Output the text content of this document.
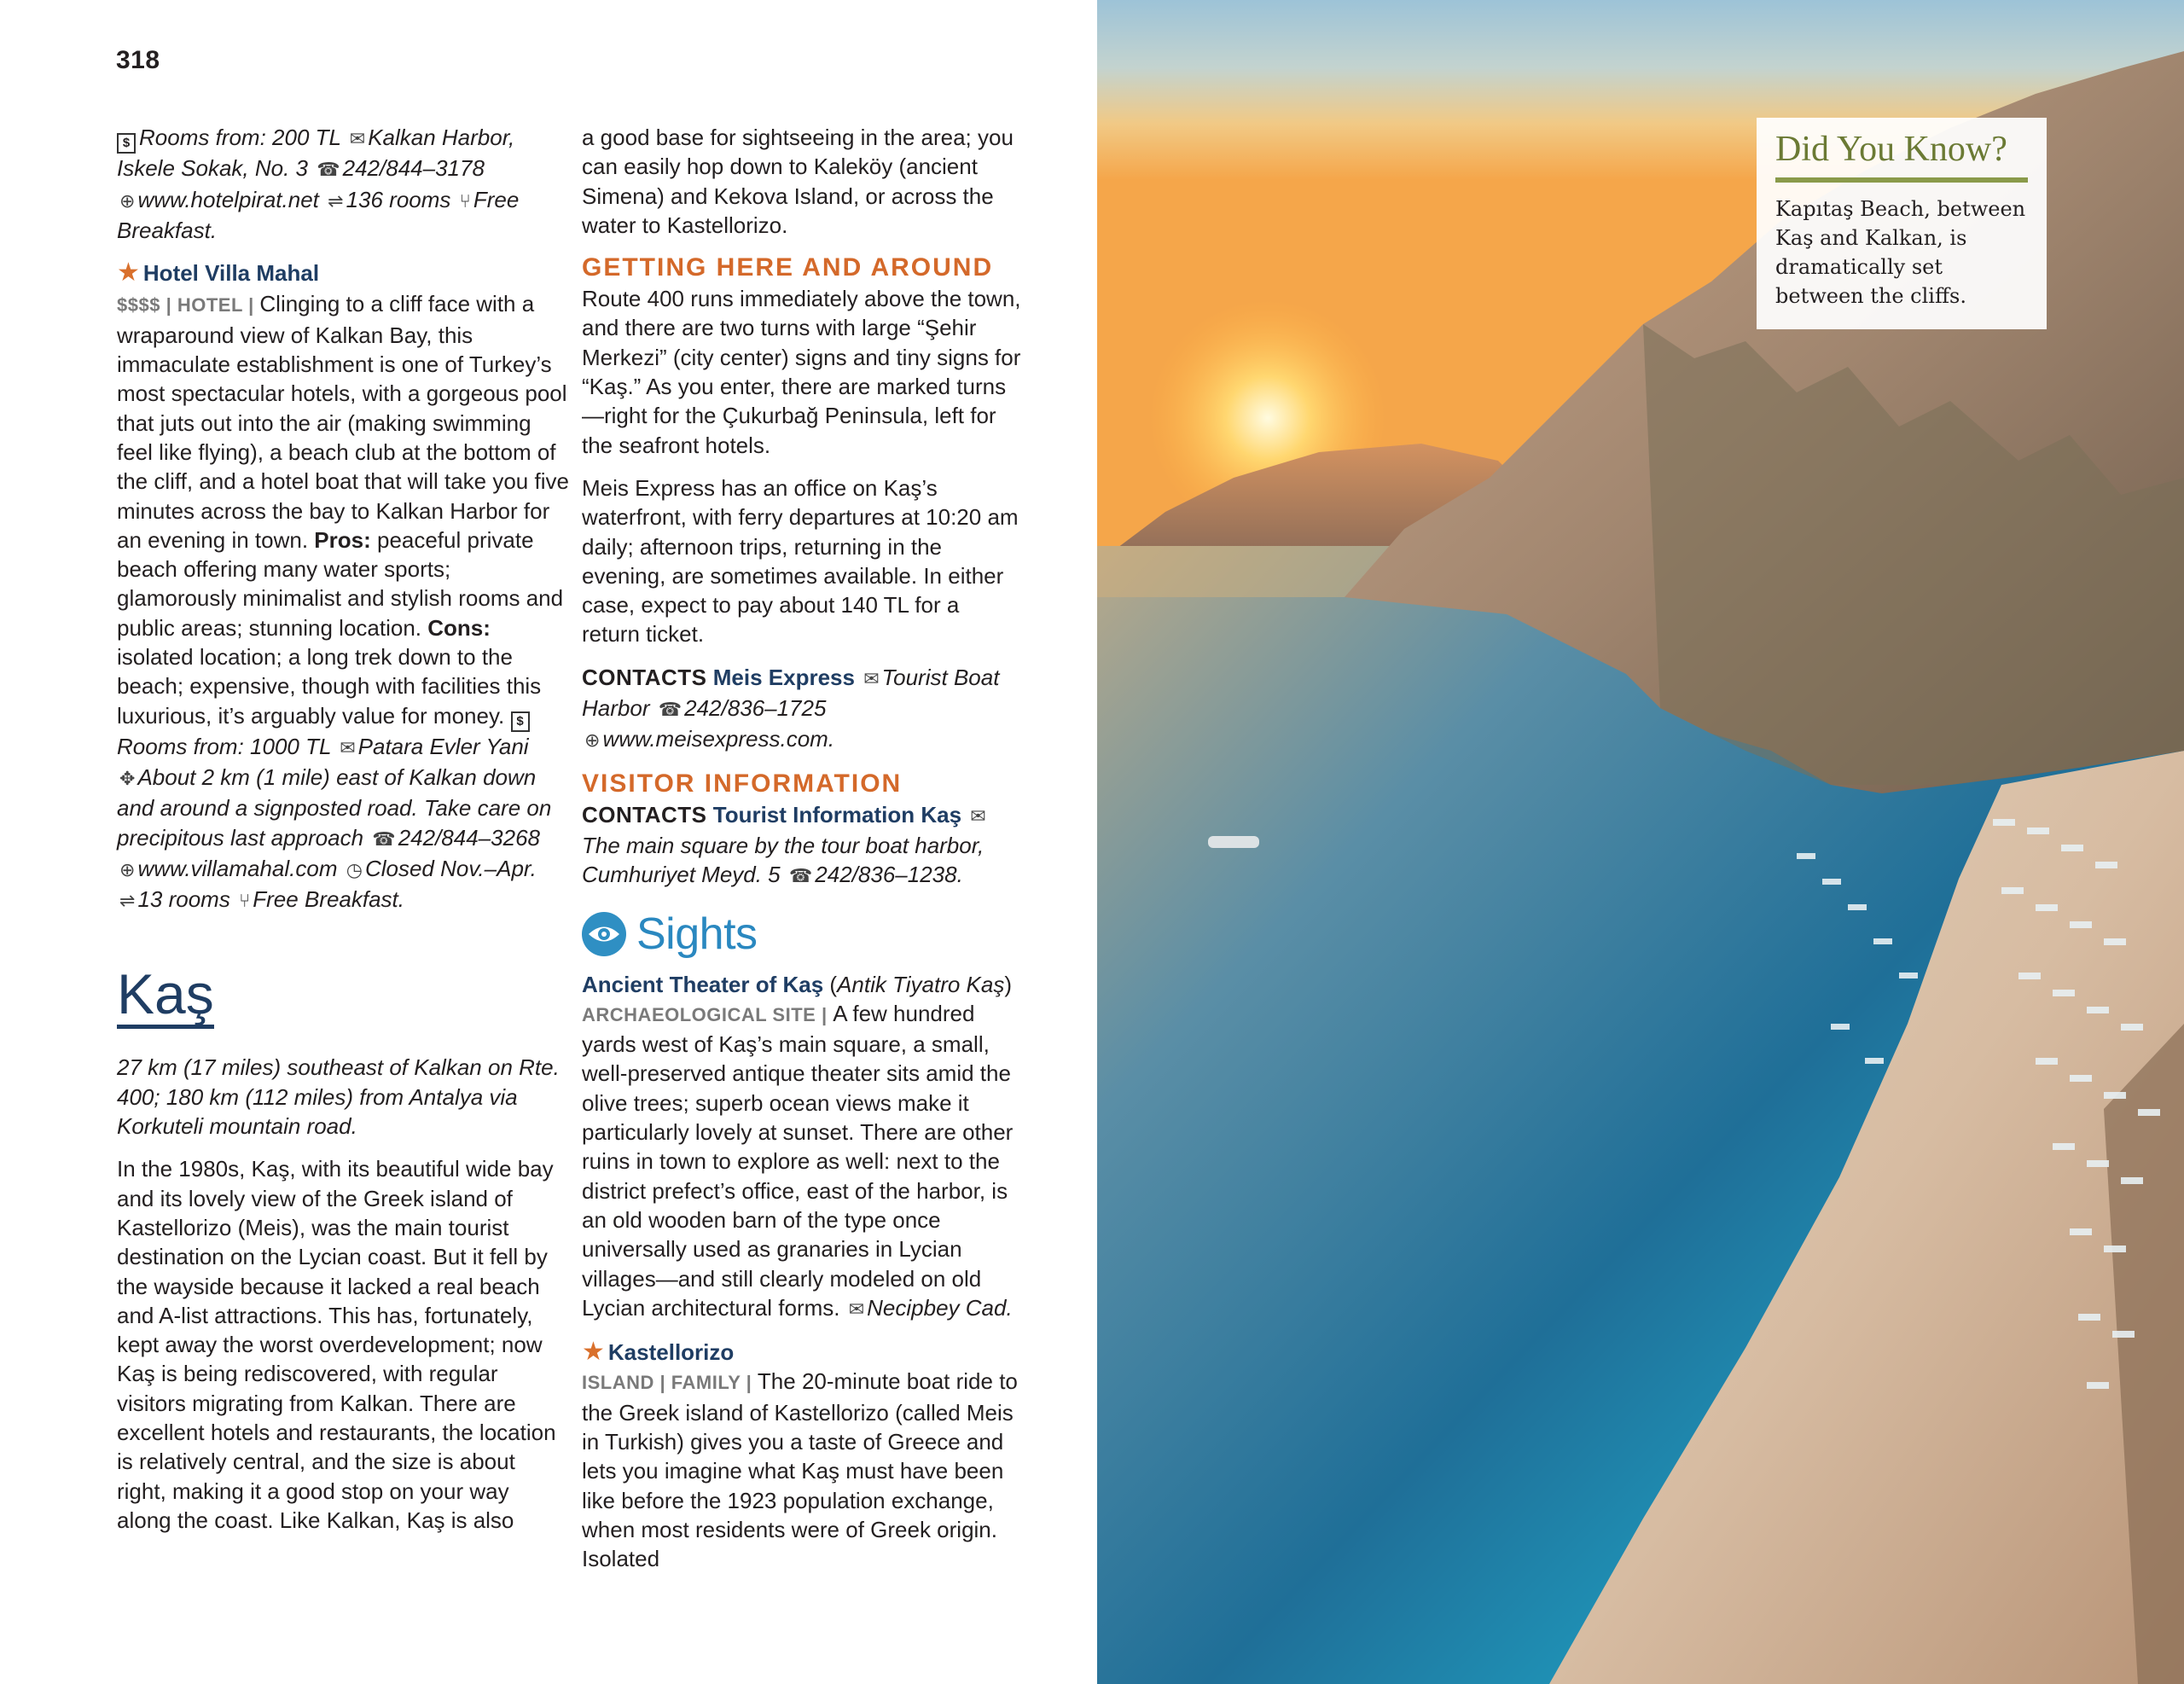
318

$ Rooms from: 200 TL ✉ Kalkan Harbor, Iskele Sokak, No. 3 ☎ 242/844–3178 ⊕ www.hotelpirat.net ⇌ 136 rooms ⑂ Free Breakfast.

★ Hotel Villa Mahal
$$$$ | HOTEL | Clinging to a cliff face with a wraparound view of Kalkan Bay, this immaculate establishment is one of Turkey’s most spectacular hotels, with a gorgeous pool that juts out into the air (making swimming feel like flying), a beach club at the bottom of the cliff, and a hotel boat that will take you five minutes across the bay to Kalkan Harbor for an evening in town. Pros: peaceful private beach offering many water sports; glamorously minimalist and stylish rooms and public areas; stunning location. Cons: isolated location; a long trek down to the beach; expensive, though with facilities this luxurious, it’s arguably value for money. $Rooms from: 1000 TL ✉ Patara Evler Yani ✥ About 2 km (1 mile) east of Kalkan down and around a signposted road. Take care on precipitous last approach ☎ 242/844–3268 ⊕ www.villamahal.com ◷ Closed Nov.–Apr. ⇌ 13 rooms ⑂ Free Breakfast.
Kaş

27 km (17 miles) southeast of Kalkan on Rte. 400; 180 km (112 miles) from Antalya via Korkuteli mountain road.

In the 1980s, Kaş, with its beautiful wide bay and its lovely view of the Greek island of Kastellorizo (Meis), was the main tourist destination on the Lycian coast. But it fell by the wayside because it lacked a real beach and A-list attractions. This has, fortunately, kept away the worst overdevelopment; now Kaş is being rediscovered, with regular visitors migrating from Kalkan. There are excellent hotels and restaurants, the location is relatively central, and the size is about right, making it a good stop on your way along the coast. Like Kalkan, Kaş is also

a good base for sightseeing in the area; you can easily hop down to Kaleköy (ancient Simena) and Kekova Island, or across the water to Kastellorizo.

GETTING HERE AND AROUND

Route 400 runs immediately above the town, and there are two turns with large “Şehir Merkezi” (city center) signs and tiny signs for “Kaş.” As you enter, there are marked turns—right for the Çukurbağ Peninsula, left for the seafront hotels.

Meis Express has an office on Kaş’s waterfront, with ferry departures at 10:20 am daily; afternoon trips, returning in the evening, are sometimes available. In either case, expect to pay about 140 TL for a return ticket.

CONTACTS Meis Express ✉ Tourist Boat Harbor ☎ 242/836–1725 ⊕ www.meisexpress.com.

VISITOR INFORMATION

CONTACTS Tourist Information Kaş ✉The main square by the tour boat harbor, Cumhuriyet Meyd. 5 ☎ 242/836–1238.

Sights

Ancient Theater of Kaş (Antik Tiyatro Kaş)
ARCHAEOLOGICAL SITE | A few hundred yards west of Kaş’s main square, a small, well-preserved antique theater sits amid the olive trees; superb ocean views make it particularly lovely at sunset. There are other ruins in town to explore as well: next to the district prefect’s office, east of the harbor, is an old wooden barn of the type once universally used as granaries in Lycian villages—and still clearly modeled on old Lycian architectural forms. ✉ Necipbey Cad.

★ Kastellorizo
ISLAND | FAMILY | The 20-minute boat ride to the Greek island of Kastellorizo (called Meis in Turkish) gives you a taste of Greece and lets you imagine what Kaş must have been like before the 1923 population exchange, when most residents were of Greek origin. Isolated

Did You Know?
Kapıtaş Beach, between Kaş and Kalkan, is dramatically set between the cliffs.
